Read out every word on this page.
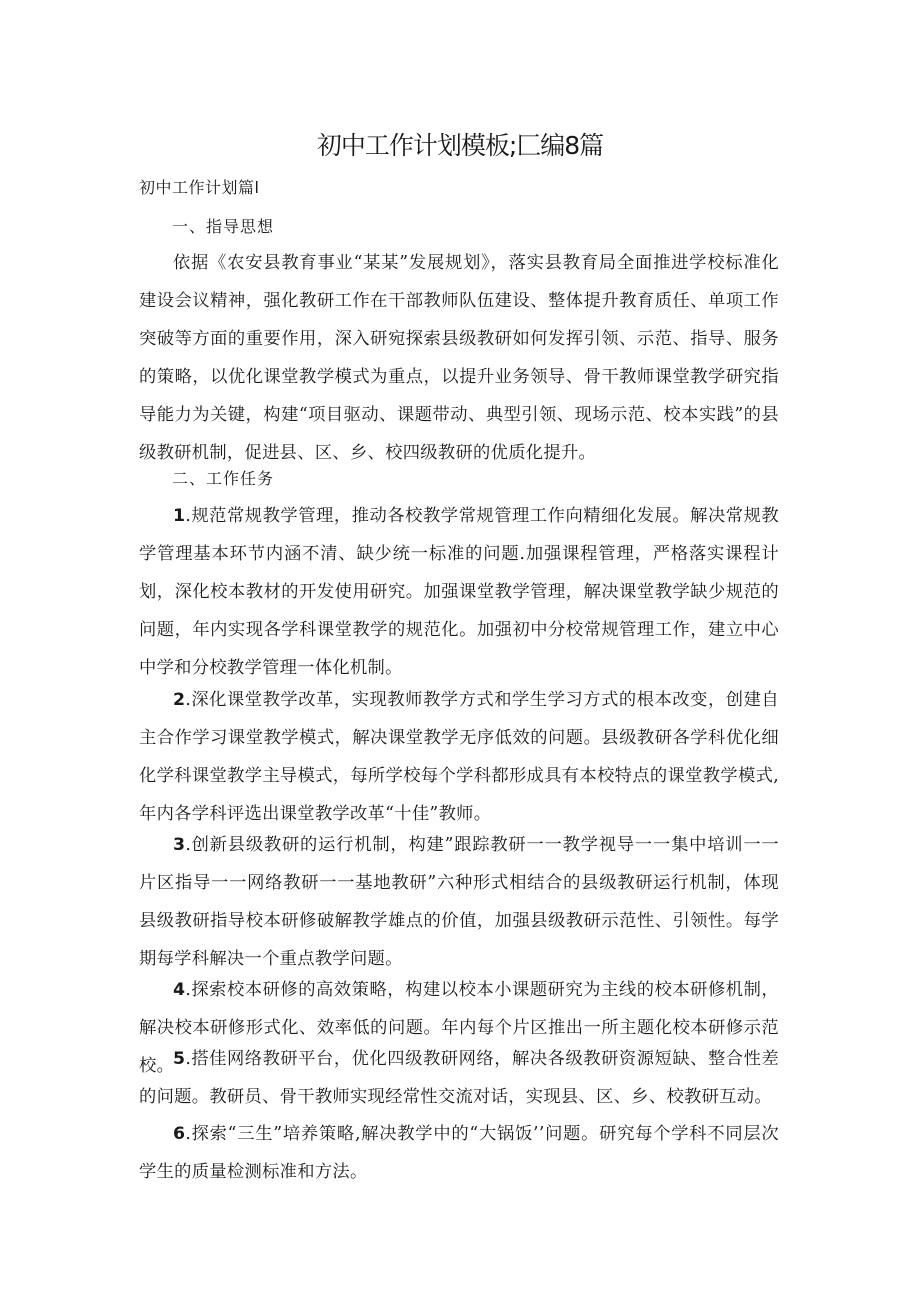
初中工作计划模板;匚编8篇
初中工作计划篇l
一、指导思想
依据《农安县教育事业“某某”发展规划》，落实县教育局全面推进学校标准化建设会议精神，强化教研工作在干部教师队伍建设、整体提升教育质任、单项工作突破等方面的重要作用，深入研宛探索县级教研如何发挥引领、示范、指导、服务的策略，以优化课堂教学模式为重点，以提升业务领导、骨干教师课堂教学研究指导能力为关键，构建“项目驱动、课题带动、典型引领、现场示范、校本实践”的县级教研机制，促进县、区、乡、校四级教研的优质化提升。
二、工作任务
1.规范常规教学管理，推动各校教学常规管理工作向精细化发展。解决常规教学管理基本环节内涵不清、缺少统一标准的问题.加强课程管理，严格落实课程计划，深化校本教材的开发使用研究。加强课堂教学管理，解决课堂教学缺少规范的问题，年内实现各学科课堂教学的规范化。加强初中分校常规管理工作，建立中心中学和分校教学管理一体化机制。
2.深化课堂教学改革，实现教师教学方式和学生学习方式的根本改变，创建自主合作学习课堂教学模式，解决课堂教学无序低效的问题。县级教研各学科优化细化学科课堂教学主导模式，每所学校每个学科都形成具有本校特点的课堂教学模式,年内各学科评选出课堂教学改革“十佳”教师。
3.创新县级教研的运行机制，构建”跟踪教研一一教学视导一一集中培训一一片区指导一一网络教研一一基地教研”六种形式相结合的县级教研运行机制，体现县级教研指导校本研修破解教学雄点的价值，加强县级教研示范性、引领性。每学期每学科解决一个重点教学问题。
4.探索校本研修的高效策略，构建以校本小课题研究为主线的校本研修机制，解决校本研修形式化、效率低的问题。年内每个片区推出一所主题化校本研修示范校。
5.搭佳网络教研平台，优化四级教研网络，解决各级教研资源短缺、整合性差的问题。教研员、骨干教师实现经常性交流对话，实现县、区、乡、校教研互动。
6.探索“三生”培养策略,解决教学中的“大锅饭’’问题。研究每个学科不同层次学生的质量检测标准和方法。
